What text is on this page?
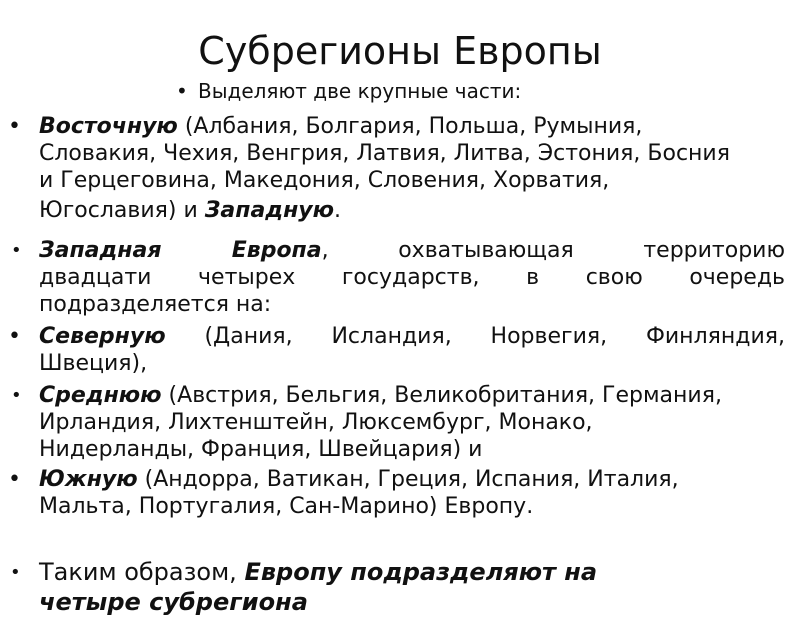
Субрегионы Европы
• Выделяют две крупные части:
• Восточную (Албания, Болгария, Польша, Румыния,
Словакия, Чехия, Венгрия, Латвия, Литва, Эстония, Босния
и Герцеговина, Македония, Словения, Хорватия,
Югославия) и Западную.
• Западная Европа, охватывающая территорию
двадцати четырех государств, в свою очередь
подразделяется на:
• Северную (Дания, Исландия, Норвегия, Финляндия,
Швеция),
• Среднюю (Австрия, Бельгия, Великобритания, Германия,
Ирландия, Лихтенштейн, Люксембург, Монако,
Нидерланды, Франция, Швейцария) и
• Южную (Андорра, Ватикан, Греция, Испания, Италия,
Мальта, Португалия, Сан-Марино) Европу.
• Таким образом, Европу подразделяют на
четыре субрегиона
